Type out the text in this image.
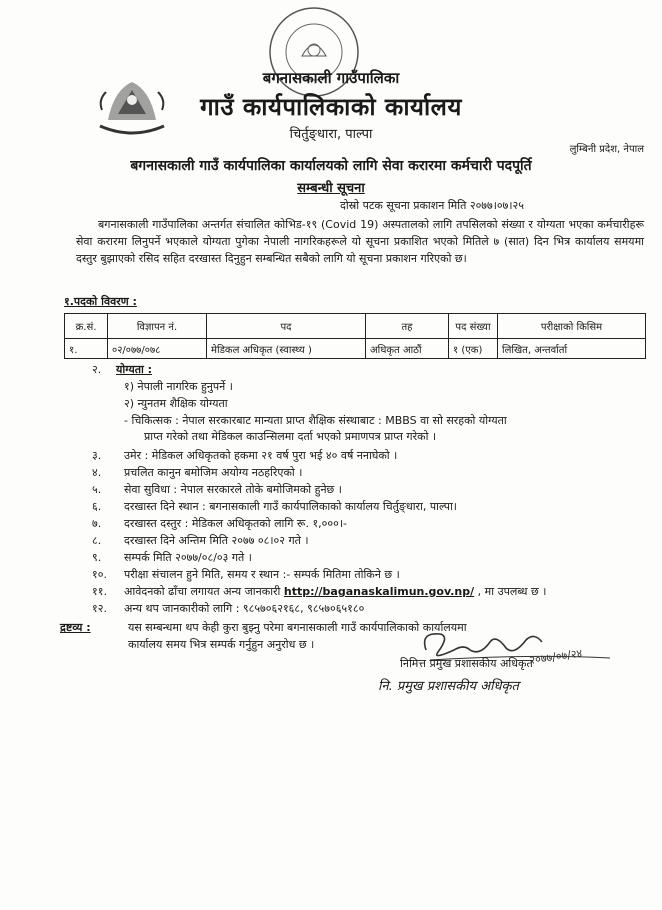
बगनासकाली गाउँपालिका
गाउँ कार्यपालिकाको कार्यालय
चिर्तुङ्धारा, पाल्पा
लुम्बिनी प्रदेश, नेपाल
बगनासकाली गाउँ कार्यपालिका कार्यालयको लागि सेवा करारमा कर्मचारी पदपूर्ति
सम्बन्धी सूचना
दोस्रो पटक सूचना प्रकाशन मिति २०७७।०७।२५

बगनासकाली गाउँपालिका अन्तर्गत संचालित कोभिड-१९ (Covid 19) अस्पतालको लागि तपसिलको संख्या र योग्यता भएका कर्मचारीहरू सेवा करारमा लिनुपर्ने भएकाले योग्यता पुगेका नेपाली नागरिकहरूले यो सूचना प्रकाशित भएको मितिले ७ (सात) दिन भित्र कार्यालय समयमा दस्तुर बुझाएको रसिद सहित दरखास्त दिनुहुन सम्बन्धित सबैको लागि यो सूचना प्रकाशन गरिएको छ।

१.पदको विवरण :
क्र.सं.	विज्ञापन नं.	पद	तह	पद संख्या	परीक्षाको किसिम
१.	०२/०७७/०७८	मेडिकल अधिकृत (स्वास्थ्य )	अधिकृत आठौं	१ (एक)	लिखित, अन्तर्वार्ता
२. योग्यता :
१) नेपाली नागरिक हुनुपर्ने ।
२) न्युनतम शैक्षिक योग्यता
- चिकित्सक : नेपाल सरकारबाट मान्यता प्राप्त शैक्षिक संस्थाबाट : MBBS वा सो सरहको योग्यता
प्राप्त गरेको तथा मेडिकल काउन्सिलमा दर्ता भएको प्रमाणपत्र प्राप्त गरेको ।
३. उमेर : मेडिकल अधिकृतको हकमा २१ वर्ष पुरा भई ४० वर्ष ननाघेको ।
४. प्रचलित कानुन बमोजिम अयोग्य नठहरिएको ।
५. सेवा सुविधा : नेपाल सरकारले तोके बमोजिमको हुनेछ ।
६. दरखास्त दिने स्थान : बगनासकाली गाउँ कार्यपालिकाको कार्यालय चिर्तुङ्धारा, पाल्पा।
७. दरखास्त दस्तुर : मेडिकल अधिकृतको लागि रू. १,०००।-
८. दरखास्त दिने अन्तिम मिति २०७७ ०८।०२ गते ।
९. सम्पर्क मिति २०७७/०८/०३ गते ।
१०. परीक्षा संचालन हुने मिति, समय र स्थान :- सम्पर्क मितिमा तोकिने छ ।
११. आवेदनको ढाँचा लगायत अन्य जानकारी http://baganaskalimun.gov.np/ , मा उपलब्ध छ ।
१२. अन्य थप जानकारीको लागि : ९८५७०६२१६८, ९८५७०६५१८०
द्रष्टव्य :	यस सम्बन्धमा थप केही कुरा बुझ्नु परेमा बगनासकाली गाउँ कार्यपालिकाको कार्यालयमा
कार्यालय समय भित्र सम्पर्क गर्नुहुन अनुरोध छ ।
२०७७/०७/२४
निमित्त प्रमुख प्रशासकीय अधिकृत
नि. प्रमुख प्रशासकीय अधिकृत
